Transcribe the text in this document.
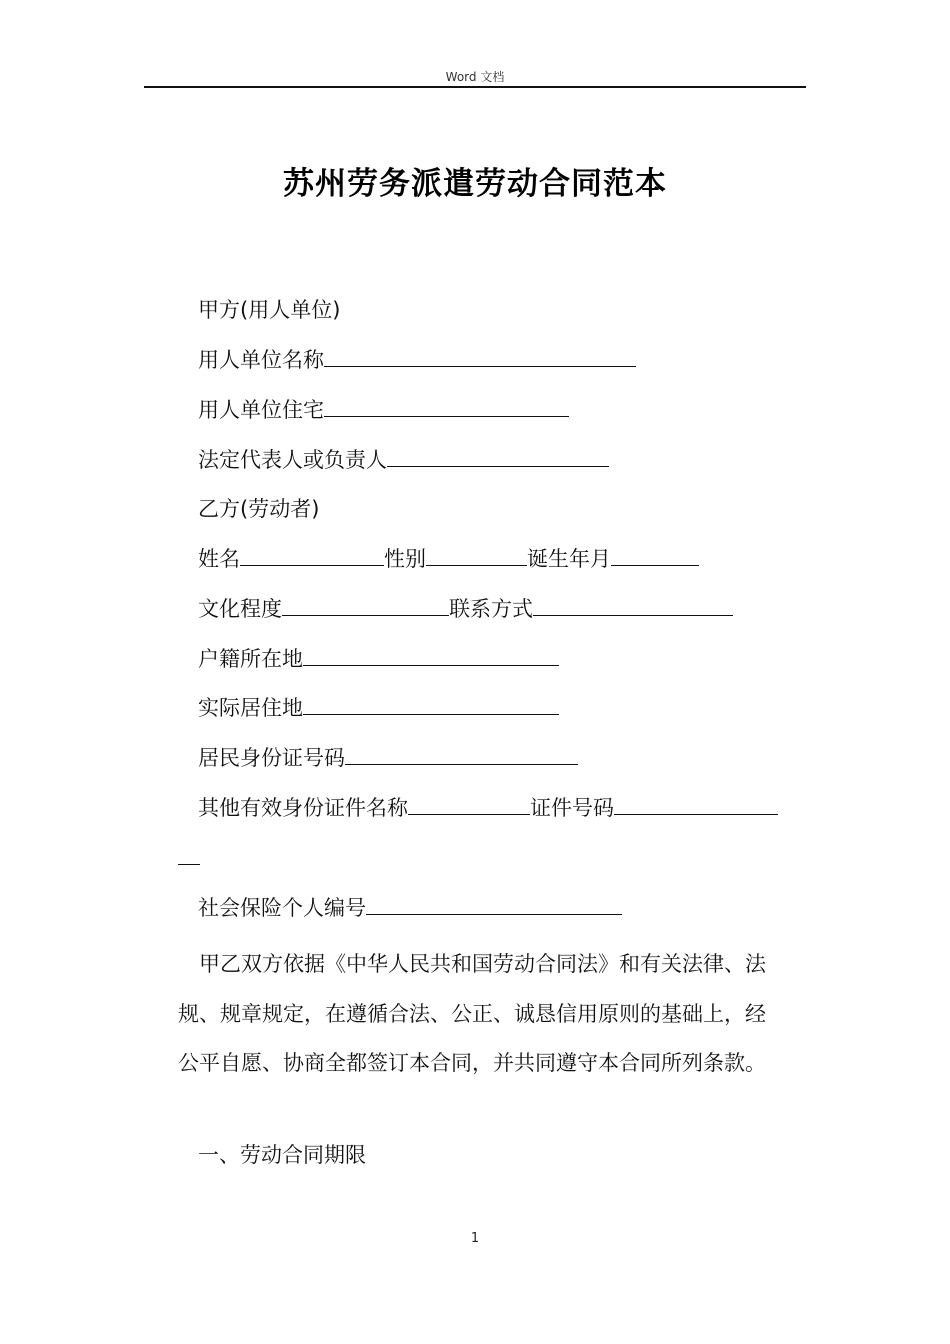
Word 文档
苏州劳务派遣劳动合同范本
甲方(用人单位)
用人单位名称
用人单位住宅
法定代表人或负责人
乙方(劳动者)
姓名	性别	诞生年月
文化程度	联系方式
户籍所在地
实际居住地
居民身份证号码
其他有效身份证件名称	证件号码
社会保险个人编号
甲乙双方依据《中华人民共和国劳动合同法》和有关法律、法
规、规章规定，在遵循合法、公正、诚恳信用原则的基础上，经
公平自愿、协商全都签订本合同，并共同遵守本合同所列条款。
一、劳动合同期限
1
